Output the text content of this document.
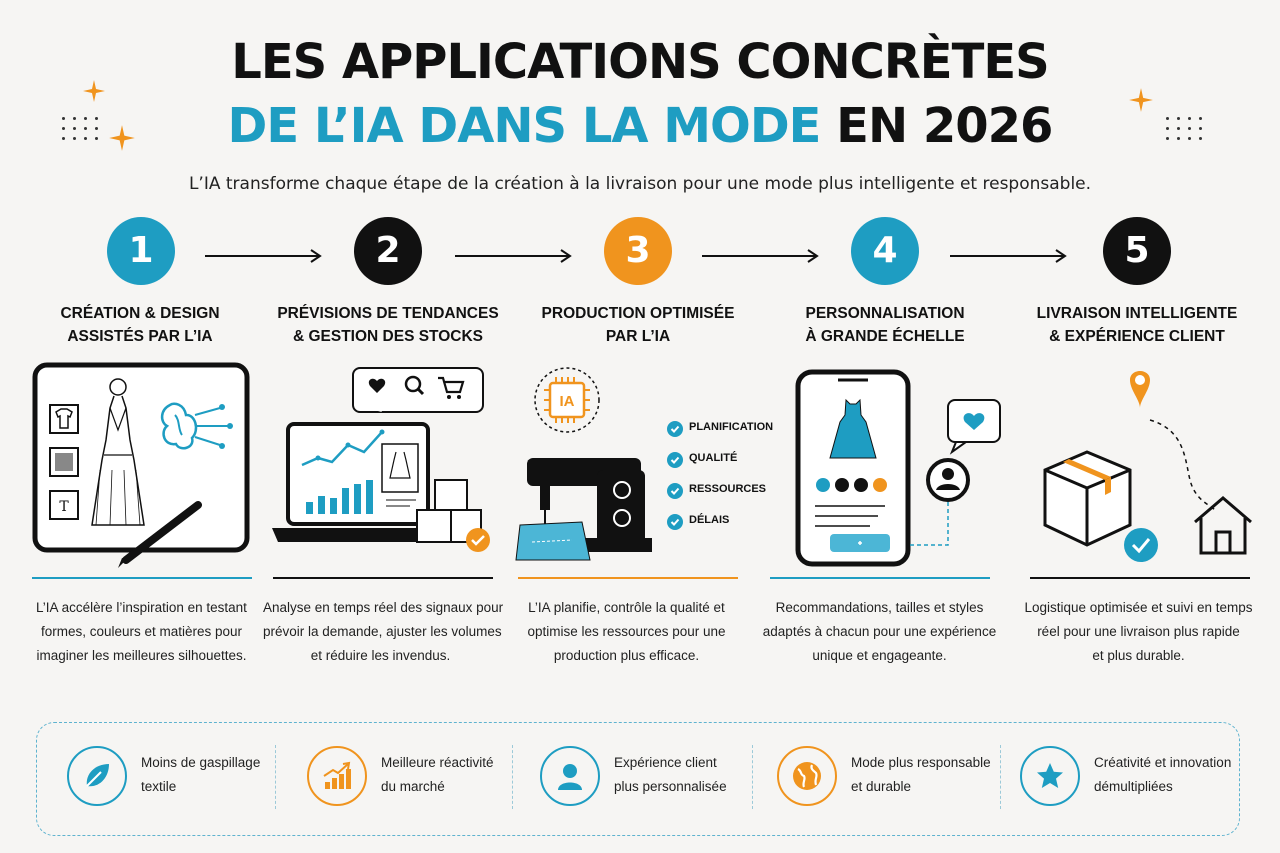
LES APPLICATIONS CONCRÈTES
DE L’IA DANS LA MODE EN 2026
L’IA transforme chaque étape de la création à la livraison pour une mode plus intelligente et responsable.
1	2	3	4	5
CRÉATION & DESIGN
ASSISTÉS PAR L’IA
PRÉVISIONS DE TENDANCES
& GESTION DES STOCKS
PRODUCTION OPTIMISÉE
PAR L’IA
PERSONNALISATION
À GRANDE ÉCHELLE
LIVRAISON INTELLIGENTE
& EXPÉRIENCE CLIENT
T
IA
PLANIFICATION
QUALITÉ
RESSOURCES
DÉLAIS
L’IA accélère l’inspiration en testant
formes, couleurs et matières pour
imaginer les meilleures silhouettes.
Analyse en temps réel des signaux pour
prévoir la demande, ajuster les volumes
et réduire les invendus.
L’IA planifie, contrôle la qualité et
optimise les ressources pour une
production plus efficace.
Recommandations, tailles et styles
adaptés à chacun pour une expérience
unique et engageante.
Logistique optimisée et suivi en temps
réel pour une livraison plus rapide
et plus durable.
Moins de gaspillage
textile
Meilleure réactivité
du marché
Expérience client
plus personnalisée
Mode plus responsable
et durable
Créativité et innovation
démultipliées
